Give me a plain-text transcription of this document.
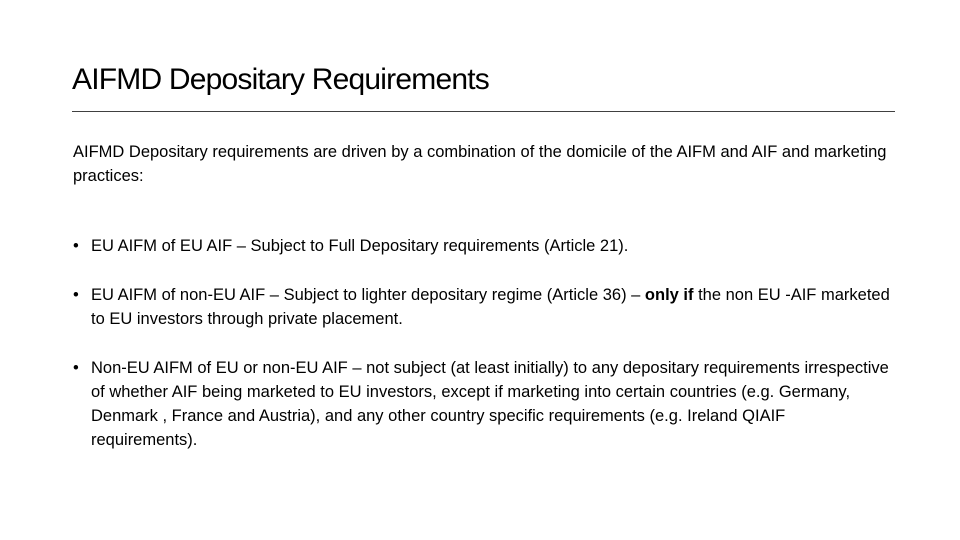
AIFMD Depositary Requirements
AIFMD Depositary requirements are driven by a combination of the domicile of the AIFM and AIF and marketing practices:
• EU AIFM of EU AIF – Subject to Full Depositary requirements (Article 21).
• EU AIFM of non-EU AIF – Subject to lighter depositary regime (Article 36) – only if the non EU -AIF marketed to EU investors through private placement.
• Non-EU AIFM of EU or non-EU AIF – not subject (at least initially) to any depositary requirements irrespective of whether AIF being marketed to EU investors, except if marketing into certain countries (e.g. Germany, Denmark , France and Austria), and any other country specific requirements (e.g. Ireland QIAIF requirements).
